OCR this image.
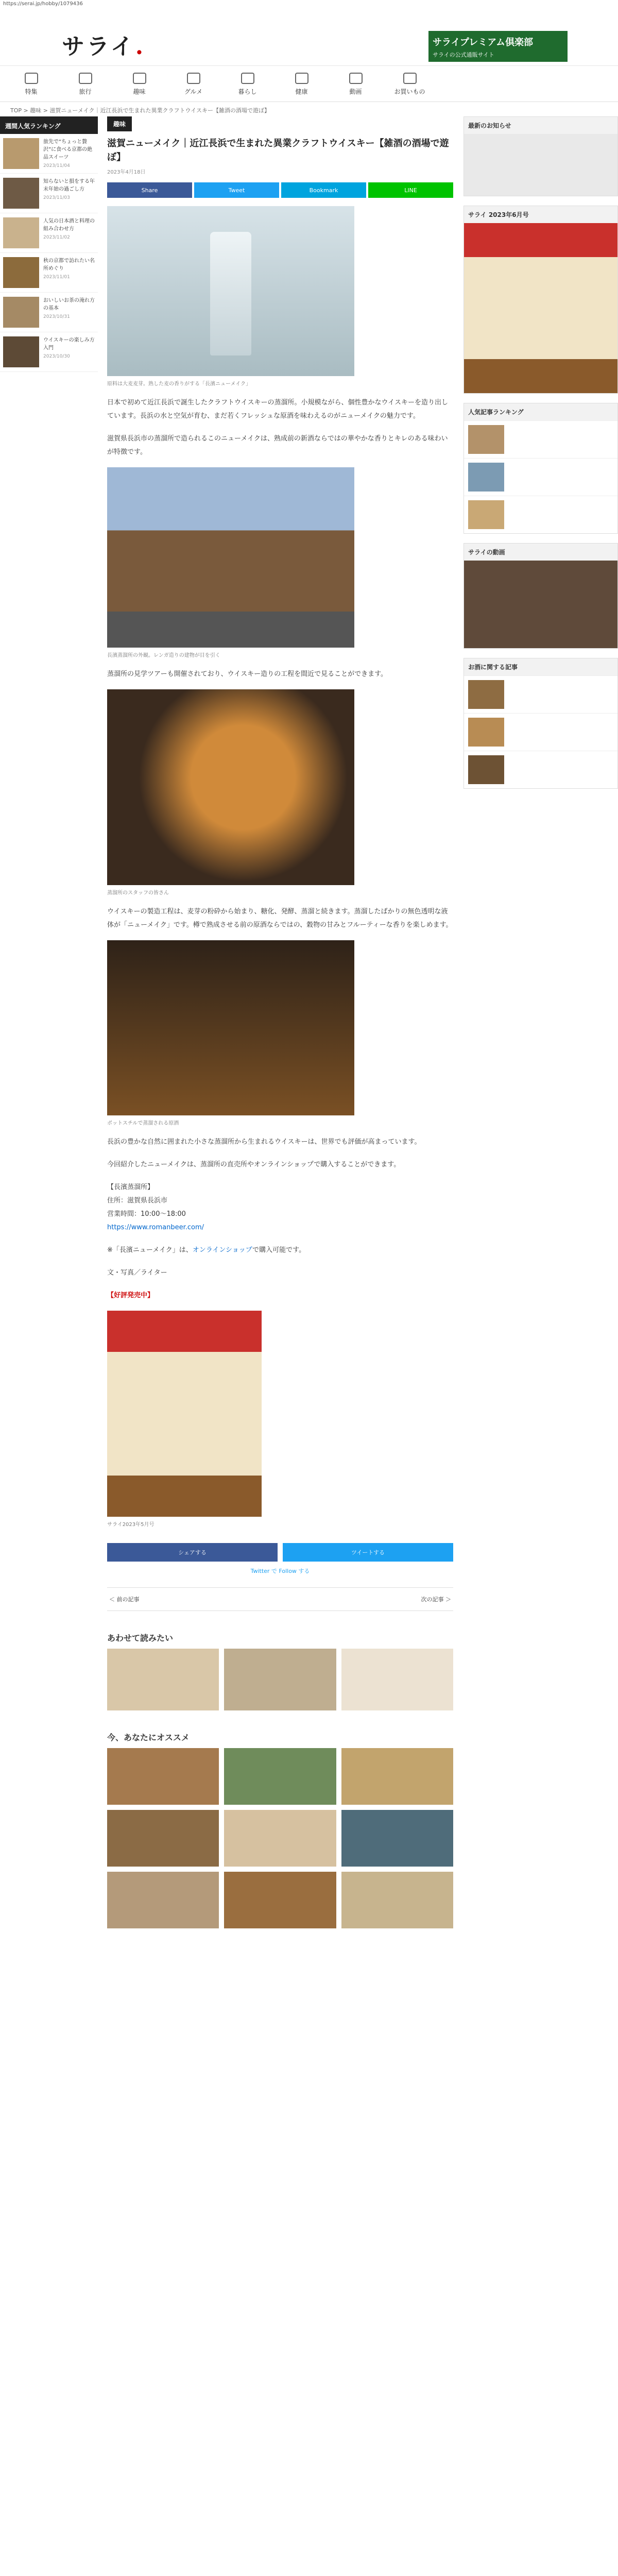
https://serai.jp/hobby/1079436
サライ.	サライプレミアム倶楽部
サライの公式通販サイト
特集	旅行	趣味	グルメ	暮らし	健康	動画	お買いもの
TOP > 趣味 > 滋賀ニューメイク｜近江長浜で生まれた異業クラフトウイスキー【雑酒の酒場で遊ぼ】
週間人気ランキング
旅先で“ちょっと贅沢”に食べる京都の絶品スイーツ
2023/11/04
知らないと損をする年末年始の過ごし方
2023/11/03
人気の日本酒と料理の組み合わせ方
2023/11/02
秋の京都で訪れたい名所めぐり
2023/11/01
おいしいお茶の淹れ方の基本
2023/10/31
ウイスキーの楽しみ方入門
2023/10/30
趣味
滋賀ニューメイク｜近江長浜で生まれた異業クラフトウイスキー【雑酒の酒場で遊ぼ】
2023年4月18日
Share	Tweet	Bookmark	LINE
原料は大麦麦芽。熟した麦の香りがする「長濱ニューメイク」
日本で初めて近江長浜で誕生したクラフトウイスキーの蒸溜所。小規模ながら、個性豊かなウイスキーを造り出しています。長浜の水と空気が育む、まだ若くフレッシュな原酒を味わえるのがニューメイクの魅力です。
滋賀県長浜市の蒸溜所で造られるこのニューメイクは、熟成前の新酒ならではの華やかな香りとキレのある味わいが特徴です。
長濱蒸溜所の外観。レンガ造りの建物が目を引く
蒸溜所の見学ツアーも開催されており、ウイスキー造りの工程を間近で見ることができます。
蒸溜所のスタッフの皆さん
ウイスキーの製造工程は、麦芽の粉砕から始まり、糖化、発酵、蒸溜と続きます。蒸溜したばかりの無色透明な液体が「ニューメイク」です。樽で熟成させる前の原酒ならではの、穀物の甘みとフルーティーな香りを楽しめます。
ポットスチルで蒸溜される原酒
長浜の豊かな自然に囲まれた小さな蒸溜所から生まれるウイスキーは、世界でも評価が高まっています。
今回紹介したニューメイクは、蒸溜所の直売所やオンラインショップで購入することができます。
【長濱蒸溜所】
住所：滋賀県長浜市
営業時間：10:00〜18:00
https://www.romanbeer.com/
※「長濱ニューメイク」は、オンラインショップで購入可能です。
文・写真／ライター
【好評発売中】
サライ2023年5月号
シェアする	ツイートする
Twitter で Follow する
＜ 前の記事	次の記事 ＞
あわせて読みたい
今、あなたにオススメ
最新のお知らせ
サライ 2023年6月号
人気記事ランキング
サライの動画
お酒に関する記事
